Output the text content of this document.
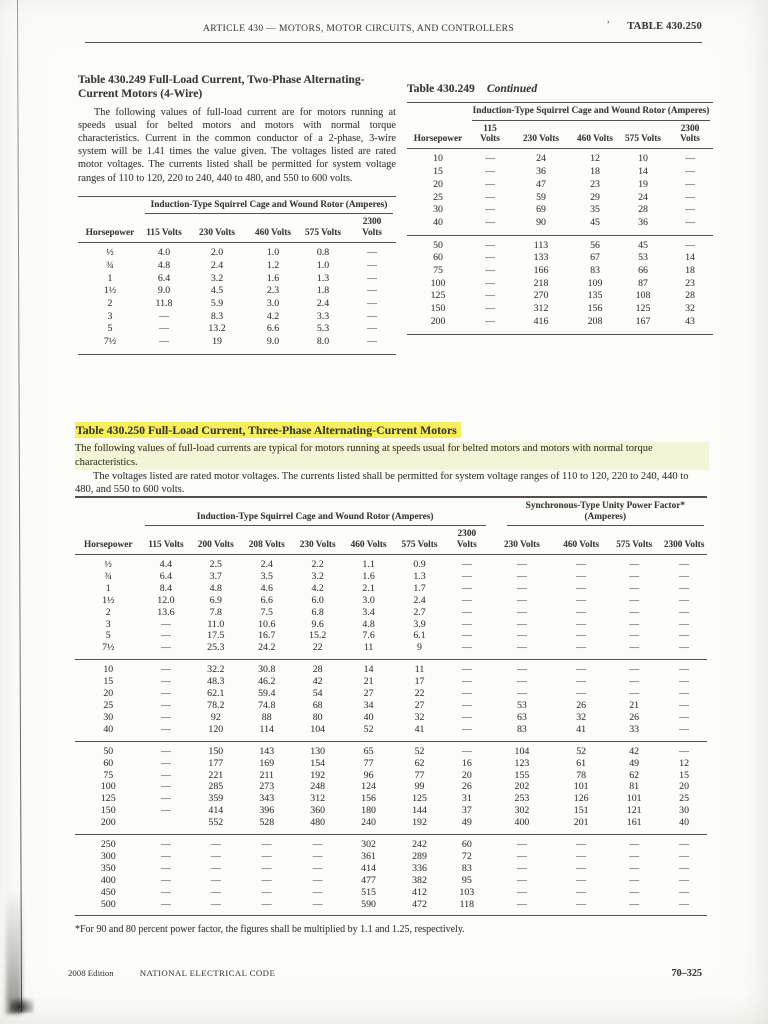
ARTICLE 430 — MOTORS, MOTOR CIRCUITS, AND CONTROLLERS	’ TABLE 430.250

Table 430.249 Full-Load Current, Two-Phase Alternating-Current Motors (4-Wire)

The following values of full-load current are for motors running at speeds usual for belted motors and motors with normal torque characteristics. Current in the common conductor of a 2-phase, 3-wire system will be 1.41 times the value given. The voltages listed are rated motor voltages. The currents listed shall be permitted for system voltage ranges of 110 to 120, 220 to 240, 440 to 480, and 550 to 600 volts.

	Induction-Type Squirrel Cage and Wound Rotor (Amperes)				

Horsepower	115 Volts	230 Volts	460 Volts	575 Volts	2300 Volts
½	4.0	2.0	1.0	0.8	—
¾	4.8	2.4	1.2	1.0	—
1	6.4	3.2	1.6	1.3	—
1½	9.0	4.5	2.3	1.8	—
2	11.8	5.9	3.0	2.4	—
3	—	8.3	4.2	3.3	—
5	—	13.2	6.6	5.3	—
7½	—	19	9.0	8.0	—

Table 430.249 Continued

	Induction-Type Squirrel Cage and Wound Rotor (Amperes)				

Horsepower	115 Volts	230 Volts	460 Volts	575 Volts	2300 Volts
10	—	24	12	10	—
15	—	36	18	14	—
20	—	47	23	19	—
25	—	59	29	24	—
30	—	69	35	28	—
40	—	90	45	36	—
50	—	113	56	45	—
60	—	133	67	53	14
75	—	166	83	66	18
100	—	218	109	87	23
125	—	270	135	108	28
150	—	312	156	125	32
200	—	416	208	167	43
Table 430.250 Full-Load Current, Three-Phase Alternating-Current Motors

The following values of full-load currents are typical for motors running at speeds usual for belted motors and motors with normal torque characteristics.

The voltages listed are rated motor voltages. The currents listed shall be permitted for system voltage ranges of 110 to 120, 220 to 240, 440 to 480, and 550 to 600 volts.

	Induction-Type Squirrel Cage and Wound Rotor (Amperes)							Synchronous-Type Unity Power Factor* (Amperes)			

Horsepower	115 Volts	200 Volts	208 Volts	230 Volts	460 Volts	575 Volts	2300 Volts	230 Volts	460 Volts	575 Volts	2300 Volts
½	4.4	2.5	2.4	2.2	1.1	0.9	—	—	—	—	—
¾	6.4	3.7	3.5	3.2	1.6	1.3	—	—	—	—	—
1	8.4	4.8	4.6	4.2	2.1	1.7	—	—	—	—	—
1½	12.0	6.9	6.6	6.0	3.0	2.4	—	—	—	—	—
2	13.6	7.8	7.5	6.8	3.4	2.7	—	—	—	—	—
3	—	11.0	10.6	9.6	4.8	3.9	—	—	—	—	—
5	—	17.5	16.7	15.2	7.6	6.1	—	—	—	—	—
7½	—	25.3	24.2	22	11	9	—	—	—	—	—
10	—	32.2	30.8	28	14	11	—	—	—	—	—
15	—	48.3	46.2	42	21	17	—	—	—	—	—
20	—	62.1	59.4	54	27	22	—	—	—	—	—
25	—	78.2	74.8	68	34	27	—	53	26	21	—
30	—	92	88	80	40	32	—	63	32	26	—
40	—	120	114	104	52	41	—	83	41	33	—
50	—	150	143	130	65	52	—	104	52	42	—
60	—	177	169	154	77	62	16	123	61	49	12
75	—	221	211	192	96	77	20	155	78	62	15
100	—	285	273	248	124	99	26	202	101	81	20
125	—	359	343	312	156	125	31	253	126	101	25
150	—	414	396	360	180	144	37	302	151	121	30
200		552	528	480	240	192	49	400	201	161	40
250	—	—	—	—	302	242	60	—	—	—	—
300	—	—	—	—	361	289	72	—	—	—	—
350	—	—	—	—	414	336	83	—	—	—	—
400	—	—	—	—	477	382	95	—	—	—	—
450	—	—	—	—	515	412	103	—	—	—	—
500	—	—	—	—	590	472	118	—	—	—	—
*For 90 and 80 percent power factor, the figures shall be multiplied by 1.1 and 1.25, respectively.
2008 Edition	NATIONAL ELECTRICAL CODE	70–325
